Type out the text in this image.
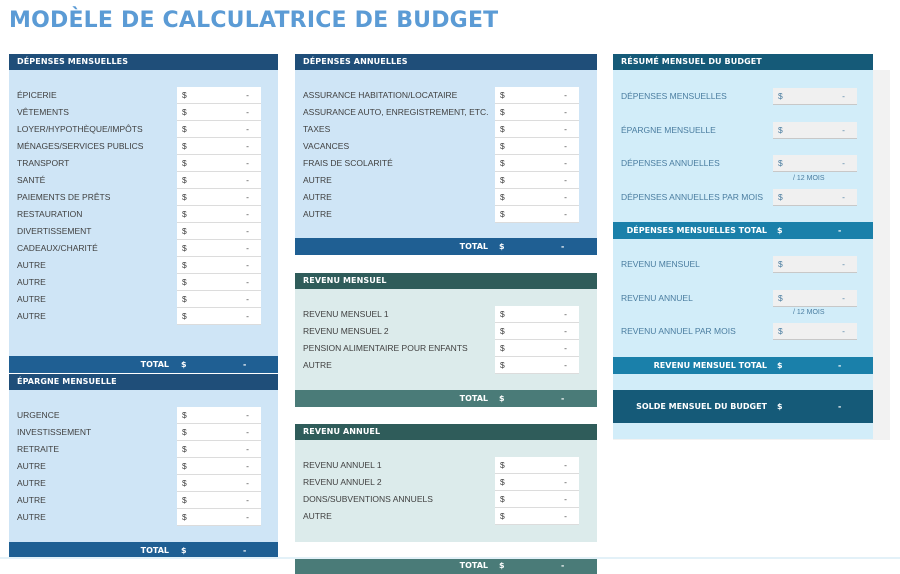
MODÈLE DE CALCULATRICE DE BUDGET
DÉPENSES MENSUELLES
ÉPICERIE	$	-
VÊTEMENTS	$	-
LOYER/HYPOTHÈQUE/IMPÔTS	$	-
MÉNAGES/SERVICES PUBLICS	$	-
TRANSPORT	$	-
SANTÉ	$	-
PAIEMENTS DE PRÊTS	$	-
RESTAURATION	$	-
DIVERTISSEMENT	$	-
CADEAUX/CHARITÉ	$	-
AUTRE	$	-
AUTRE	$	-
AUTRE	$	-
AUTRE	$	-
TOTAL $	-
ÉPARGNE MENSUELLE
URGENCE	$	-
INVESTISSEMENT	$	-
RETRAITE	$	-
AUTRE	$	-
AUTRE	$	-
AUTRE	$	-
AUTRE	$	-
TOTAL $	-
DÉPENSES ANNUELLES
ASSURANCE HABITATION/LOCATAIRE	$	-
ASSURANCE AUTO, ENREGISTREMENT, ETC. $	-
TAXES	$	-
VACANCES	$	-
FRAIS DE SCOLARITÉ	$	-
AUTRE	$	-
AUTRE	$	-
AUTRE	$	-
TOTAL $	-
REVENU MENSUEL
REVENU MENSUEL 1	$	-
REVENU MENSUEL 2	$	-
PENSION ALIMENTAIRE POUR ENFANTS	$	-
AUTRE	$	-
TOTAL $	-
REVENU ANNUEL
REVENU ANNUEL 1	$	-
REVENU ANNUEL 2	$	-
DONS/SUBVENTIONS ANNUELS	$	-
AUTRE	$	-
TOTAL $	-
RÉSUMÉ MENSUEL DU BUDGET
DÉPENSES MENSUELLES	$	-
ÉPARGNE MENSUELLE	$	-
DÉPENSES ANNUELLES	$	-
/ 12 MOIS
DÉPENSES ANNUELLES PAR MOIS $	-
DÉPENSES MENSUELLES TOTAL $	-
REVENU MENSUEL	$	-
REVENU ANNUEL	$	-
/ 12 MOIS
REVENU ANNUEL PAR MOIS	$	-
REVENU MENSUEL TOTAL $	-
SOLDE MENSUEL DU BUDGET $	-
